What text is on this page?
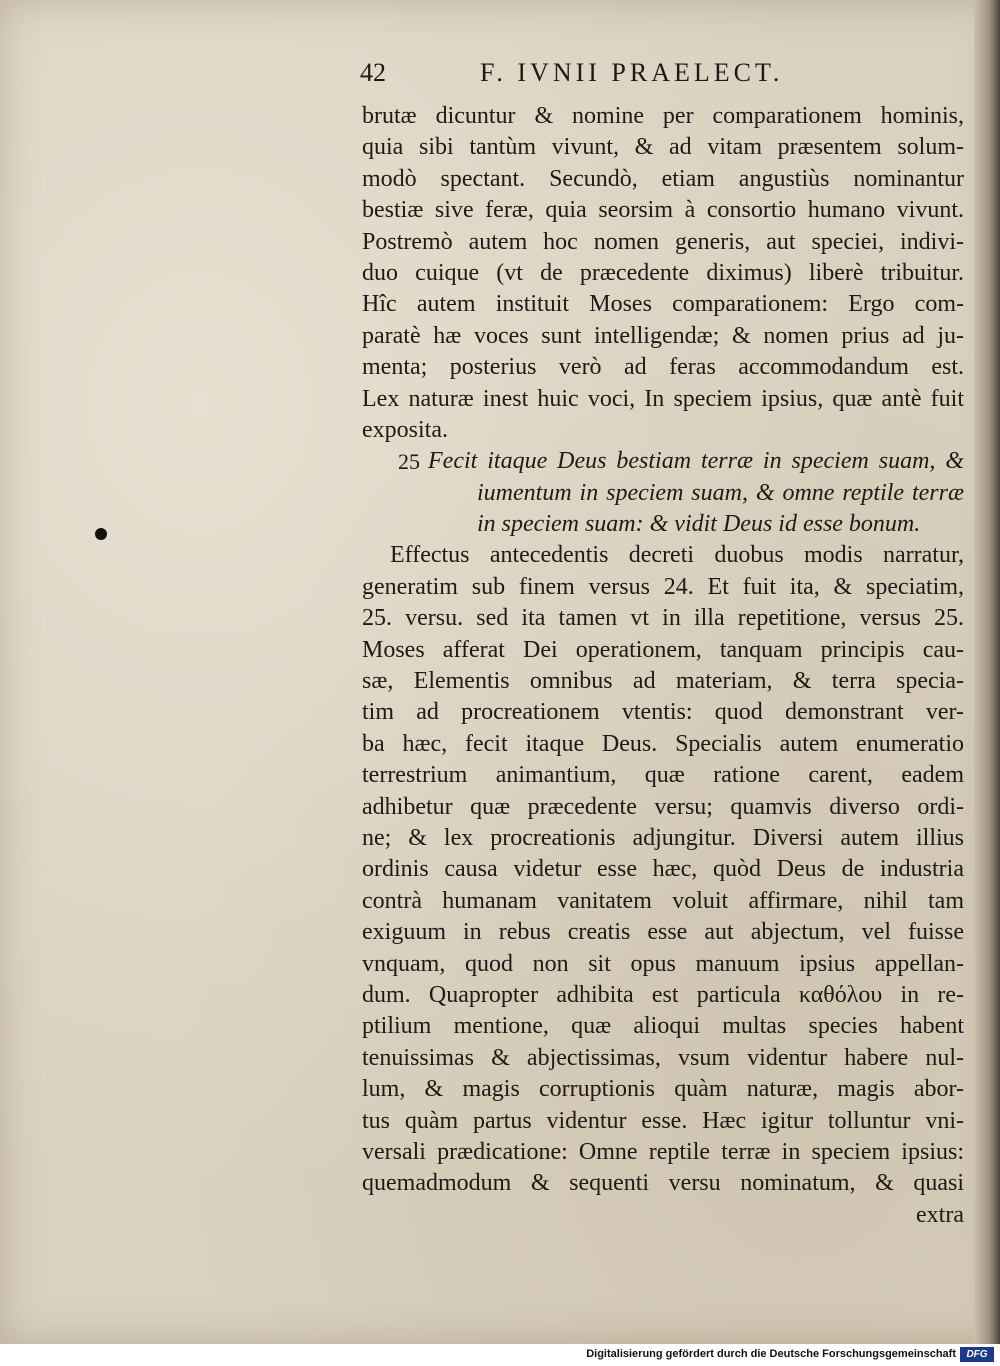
42	F. IVNII PRAELECT.
brutæ dicuntur & nomine per comparationem hominis,
quia sibi tantùm vivunt, & ad vitam præsentem solum-
modò spectant. Secundò, etiam angustiùs nominantur
bestiæ sive feræ, quia seorsim à consortio humano vivunt.
Postremò autem hoc nomen generis, aut speciei, indivi-
duo cuique (vt de præcedente diximus) liberè tribuitur.
Hîc autem instituit Moses comparationem: Ergo com-
paratè hæ voces sunt intelligendæ; & nomen prius ad ju-
menta; posterius verò ad feras accommodandum est.
Lex naturæ inest huic voci, In speciem ipsius, quæ antè fuit
exposita.
25 Fecit itaque Deus bestiam terræ in speciem suam, &
iumentum in speciem suam, & omne reptile terræ
in speciem suam: & vidit Deus id esse bonum.
Effectus antecedentis decreti duobus modis narratur,
generatim sub finem versus 24. Et fuit ita, & speciatim,
25. versu. sed ita tamen vt in illa repetitione, versus 25.
Moses afferat Dei operationem, tanquam principis cau-
sæ, Elementis omnibus ad materiam, & terra specia-
tim ad procreationem vtentis: quod demonstrant ver-
ba hæc, fecit itaque Deus. Specialis autem enumeratio
terrestrium animantium, quæ ratione carent, eadem
adhibetur quæ præcedente versu; quamvis diverso ordi-
ne; & lex procreationis adjungitur. Diversi autem illius
ordinis causa videtur esse hæc, quòd Deus de industria
contrà humanam vanitatem voluit affirmare, nihil tam
exiguum in rebus creatis esse aut abjectum, vel fuisse
vnquam, quod non sit opus manuum ipsius appellan-
dum. Quapropter adhibita est particula καθόλου in re-
ptilium mentione, quæ alioqui multas species habent
tenuissimas & abjectissimas, vsum videntur habere nul-
lum, & magis corruptionis quàm naturæ, magis abor-
tus quàm partus videntur esse. Hæc igitur tolluntur vni-
versali prædicatione: Omne reptile terræ in speciem ipsius:
quemadmodum & sequenti versu nominatum, & quasi
extra
Digitalisierung gefördert durch die Deutsche Forschungsgemeinschaft	DFG
